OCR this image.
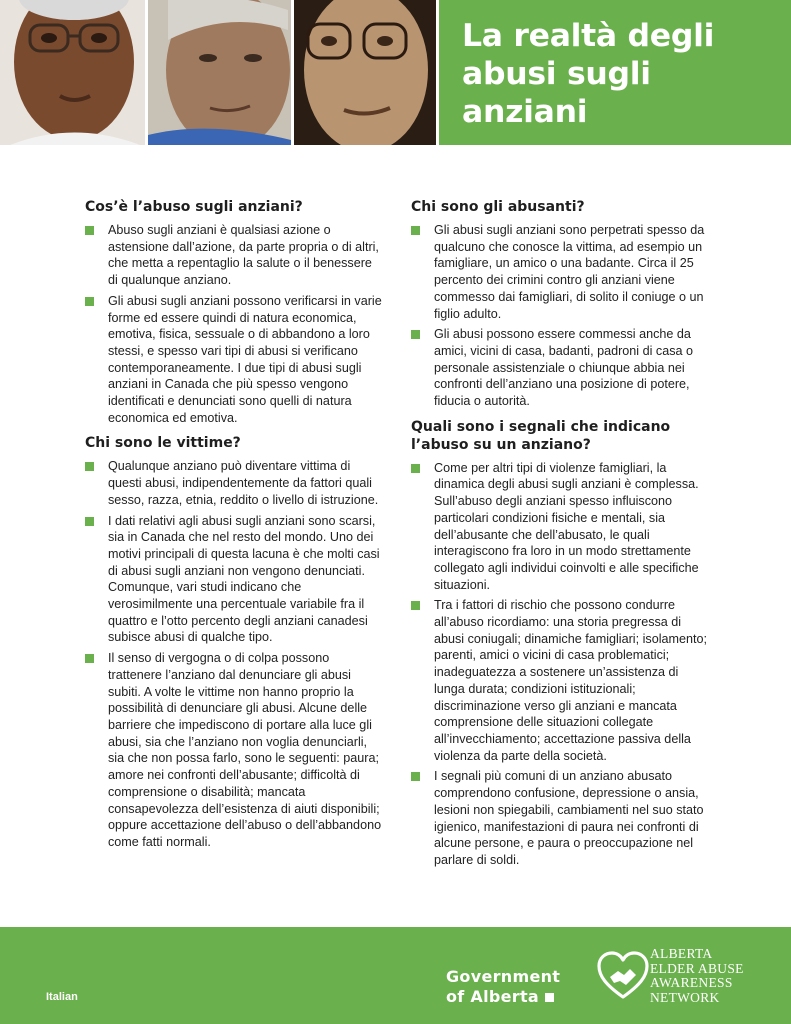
La realtà degli
abusi sugli
anziani
Cos’è l’abuso sugli anziani?
Abuso sugli anziani è qualsiasi azione o astensione dall’azione, da parte propria o di altri, che metta a repentaglio la salute o il benessere di qualunque anziano.
Gli abusi sugli anziani possono verificarsi in varie forme ed essere quindi di natura economica, emotiva, fisica, sessuale o di abbandono a loro stessi, e spesso vari tipi di abusi si verificano contemporaneamente. I due tipi di abusi sugli anziani in Canada che più spesso vengono identificati e denunciati sono quelli di natura economica ed emotiva.
Chi sono le vittime?
Qualunque anziano può diventare vittima di questi abusi, indipendentemente da fattori quali sesso, razza, etnia, reddito o livello di istruzione.
I dati relativi agli abusi sugli anziani sono scarsi, sia in Canada che nel resto del mondo. Uno dei motivi principali di questa lacuna è che molti casi di abusi sugli anziani non vengono denunciati. Comunque, vari studi indicano che verosimilmente una percentuale variabile fra il quattro e l’otto percento degli anziani canadesi subisce abusi di qualche tipo.
Il senso di vergogna o di colpa possono trattenere l’anziano dal denunciare gli abusi subiti. A volte le vittime non hanno proprio la possibilità di denunciare gli abusi. Alcune delle barriere che impediscono di portare alla luce gli abusi, sia che l’anziano non voglia denunciarli, sia che non possa farlo, sono le seguenti: paura; amore nei confronti dell’abusante; difficoltà di comprensione o disabilità; mancata consapevolezza dell’esistenza di aiuti disponibili; oppure accettazione dell’abuso o dell’abbandono come fatti normali.
Chi sono gli abusanti?
Gli abusi sugli anziani sono perpetrati spesso da qualcuno che conosce la vittima, ad esempio un famigliare, un amico o una badante. Circa il 25 percento dei crimini contro gli anziani viene commesso dai famigliari, di solito il coniuge o un figlio adulto.
Gli abusi possono essere commessi anche da amici, vicini di casa, badanti, padroni di casa o personale assistenziale o chiunque abbia nei confronti dell’anziano una posizione di potere, fiducia o autorità.
Quali sono i segnali che indicano l’abuso su un anziano?
Come per altri tipi di violenze famigliari, la dinamica degli abusi sugli anziani è complessa. Sull’abuso degli anziani spesso influiscono particolari condizioni fisiche e mentali, sia dell’abusante che dell’abusato, le quali interagiscono fra loro in un modo strettamente collegato agli individui coinvolti e alle specifiche situazioni.
Tra i fattori di rischio che possono condurre all’abuso ricordiamo: una storia pregressa di abusi coniugali; dinamiche famigliari; isolamento; parenti, amici o vicini di casa problematici; inadeguatezza a sostenere un’assistenza di lunga durata; condizioni istituzionali; discriminazione verso gli anziani e mancata comprensione delle situazioni collegate all’invecchiamento; accettazione passiva della violenza da parte della società.
I segnali più comuni di un anziano abusato comprendono confusione, depressione o ansia, lesioni non spiegabili, cambiamenti nel suo stato igienico, manifestazioni di paura nei confronti di alcune persone, e paura o preoccupazione nel parlare di soldi.
Italian
Government
of Alberta
ALBERTA
ELDER ABUSE
AWARENESS
NETWORK
